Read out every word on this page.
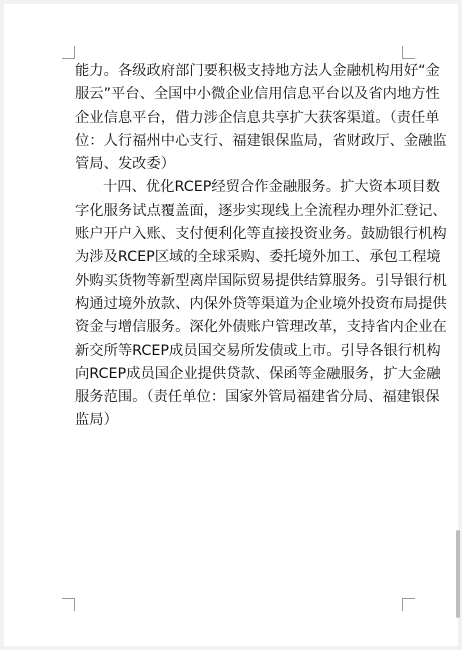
能力。各级政府部门要积极支持地方法人金融机构用好“金
服云”平台、全国中小微企业信用信息平台以及省内地方性
企业信息平台，借力涉企信息共享扩大获客渠道。（责任单
位：人行福州中心支行、福建银保监局，省财政厅、金融监
管局、发改委）
十四、优化RCEP经贸合作金融服务。扩大资本项目数
字化服务试点覆盖面，逐步实现线上全流程办理外汇登记、
账户开户入账、支付便利化等直接投资业务。鼓励银行机构
为涉及RCEP区域的全球采购、委托境外加工、承包工程境
外购买货物等新型离岸国际贸易提供结算服务。引导银行机
构通过境外放款、内保外贷等渠道为企业境外投资布局提供
资金与增信服务。深化外债账户管理改革，支持省内企业在
新交所等RCEP成员国交易所发债或上市。引导各银行机构
向RCEP成员国企业提供贷款、保函等金融服务，扩大金融
服务范围。（责任单位：国家外管局福建省分局、福建银保
监局）
